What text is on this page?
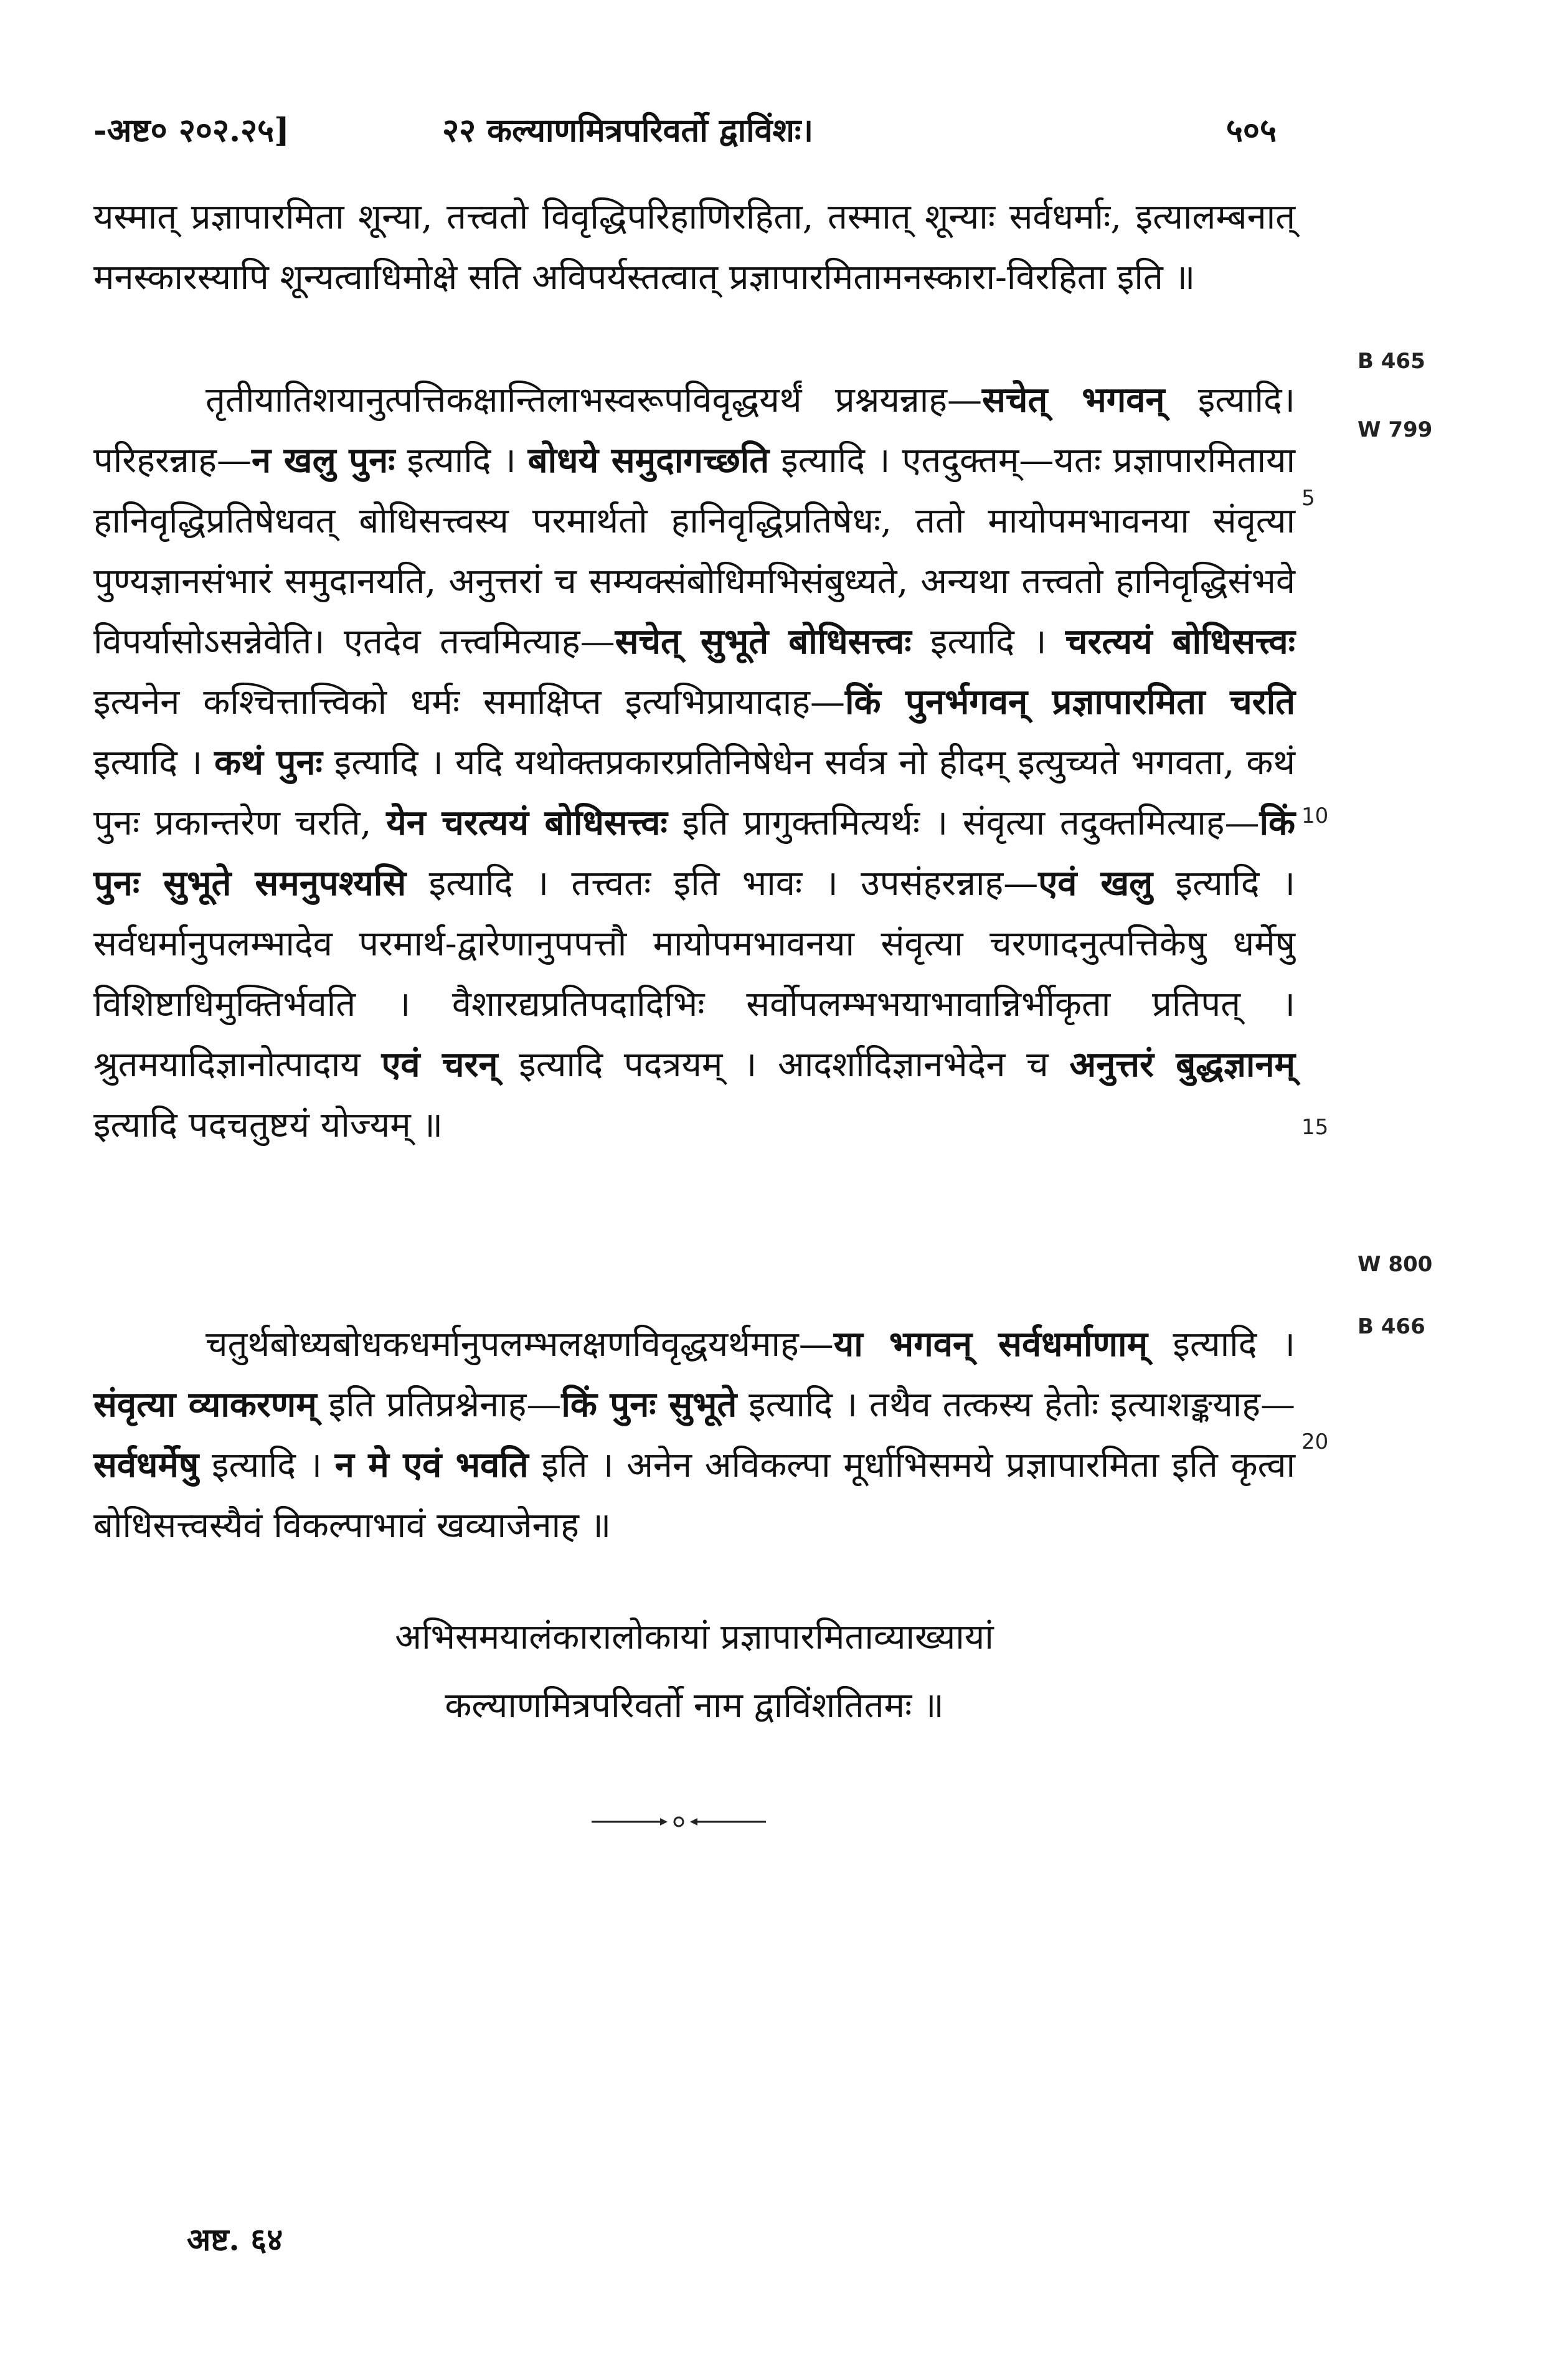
-अष्ट० २०२.२५]	२२ कल्याणमित्रपरिवर्तो द्वाविंशः।	५०५

यस्मात् प्रज्ञापारमिता शून्या, तत्त्वतो विवृद्धिपरिहाणिरहिता, तस्मात् शून्याः सर्वधर्माः, इत्यालम्बनात् मनस्कारस्यापि शून्यत्वाधिमोक्षे सति अविपर्यस्तत्वात् प्रज्ञापारमितामनस्कारा-विरहिता इति ॥

तृतीयातिशयानुत्पत्तिकक्षान्तिलाभस्वरूपविवृद्धयर्थं प्रश्नयन्नाह—सचेत् भगवन् इत्यादि। परिहरन्नाह—न खलु पुनः इत्यादि । बोधये समुदागच्छति इत्यादि । एतदुक्तम्—यतः प्रज्ञापारमिताया हानिवृद्धिप्रतिषेधवत् बोधिसत्त्वस्य परमार्थतो हानिवृद्धिप्रतिषेधः, ततो मायोपमभावनया संवृत्या पुण्यज्ञानसंभारं समुदानयति, अनुत्तरां च सम्यक्संबोधिमभिसंबुध्यते, अन्यथा तत्त्वतो हानिवृद्धिसंभवे विपर्यासोऽसन्नेवेति। एतदेव तत्त्वमित्याह—सचेत् सुभूते बोधिसत्त्वः इत्यादि । चरत्ययं बोधिसत्त्वः इत्यनेन कश्चित्तात्त्विको धर्मः समाक्षिप्त इत्यभिप्रायादाह—किं पुनर्भगवन् प्रज्ञापारमिता चरति इत्यादि । कथं पुनः इत्यादि । यदि यथोक्तप्रकारप्रतिनिषेधेन सर्वत्र नो हीदम् इत्युच्यते भगवता, कथं पुनः प्रकान्तरेण चरति, येन चरत्ययं बोधिसत्त्वः इति प्रागुक्तमित्यर्थः । संवृत्या तदुक्तमित्याह—किं पुनः सुभूते समनुपश्यसि इत्यादि । तत्त्वतः इति भावः । उपसंहरन्नाह—एवं खलु इत्यादि । सर्वधर्मानुपलम्भादेव परमार्थ-द्वारेणानुपपत्तौ मायोपमभावनया संवृत्या चरणादनुत्पत्तिकेषु धर्मेषु विशिष्टाधिमुक्तिर्भवति । वैशारद्यप्रतिपदादिभिः सर्वोपलम्भभयाभावान्निर्भीकृता प्रतिपत् । श्रुतमयादिज्ञानोत्पादाय एवं चरन् इत्यादि पदत्रयम् । आदर्शादिज्ञानभेदेन च अनुत्तरं बुद्धज्ञानम् इत्यादि पदचतुष्टयं योज्यम् ॥

चतुर्थबोध्यबोधकधर्मानुपलम्भलक्षणविवृद्धयर्थमाह—या भगवन् सर्वधर्माणाम् इत्यादि । संवृत्या व्याकरणम् इति प्रतिप्रश्नेनाह—किं पुनः सुभूते इत्यादि । तथैव तत्कस्य हेतोः इत्याशङ्कयाह—सर्वधर्मेषु इत्यादि । न मे एवं भवति इति । अनेन अविकल्पा मूर्धाभिसमये प्रज्ञापारमिता इति कृत्वा बोधिसत्त्वस्यैवं विकल्पाभावं खव्याजेनाह ॥

अभिसमयालंकारालोकायां प्रज्ञापारमिताव्याख्यायां
कल्याणमित्रपरिवर्तो नाम द्वाविंशतितमः ॥
B 465
W 799
W 800
B 466
5
10
15
20
अष्ट. ६४
